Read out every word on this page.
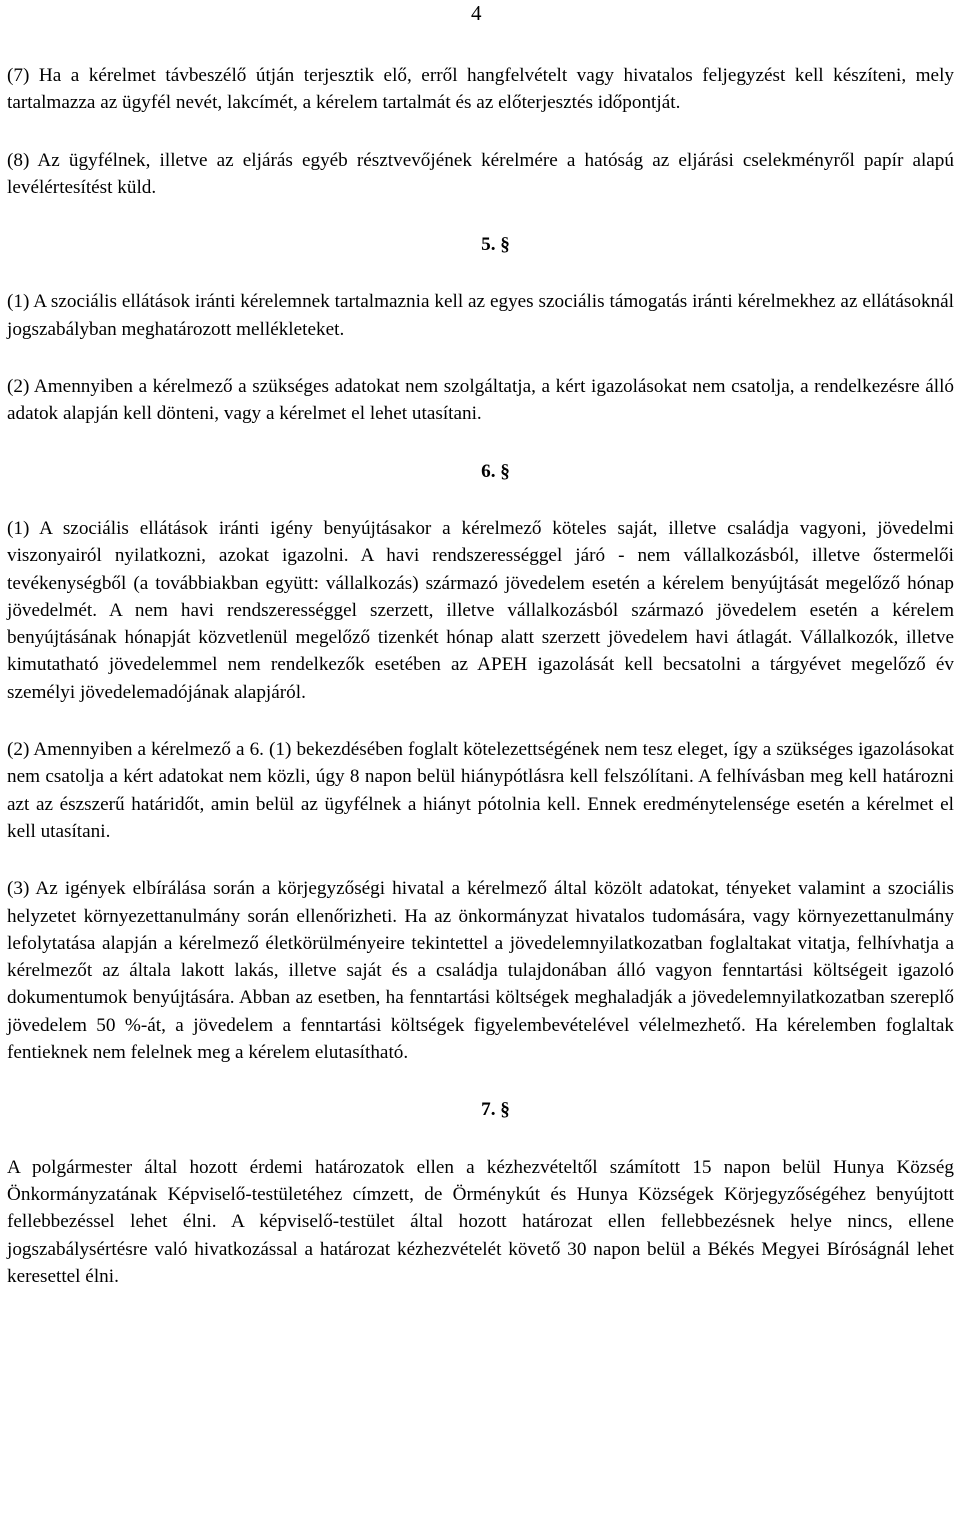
4

(7) Ha a kérelmet távbeszélő útján terjesztik elő, erről hangfelvételt vagy hivatalos feljegyzést kell készíteni, mely tartalmazza az ügyfél nevét, lakcímét, a kérelem tartalmát és az előterjesztés időpontját.

(8) Az ügyfélnek, illetve az eljárás egyéb résztvevőjének kérelmére a hatóság az eljárási cselekményről papír alapú levélértesítést küld.

5. §

(1) A szociális ellátások iránti kérelemnek tartalmaznia kell az egyes szociális támogatás iránti kérelmekhez az ellátásoknál jogszabályban meghatározott mellékleteket.

(2) Amennyiben a kérelmező a szükséges adatokat nem szolgáltatja, a kért igazolásokat nem csatolja, a rendelkezésre álló adatok alapján kell dönteni, vagy a kérelmet el lehet utasítani.

6. §

(1) A szociális ellátások iránti igény benyújtásakor a kérelmező köteles saját, illetve családja vagyoni, jövedelmi viszonyairól nyilatkozni, azokat igazolni. A havi rendszerességgel járó - nem vállalkozásból, illetve őstermelői tevékenységből (a továbbiakban együtt: vállalkozás) származó jövedelem esetén a kérelem benyújtását megelőző hónap jövedelmét. A nem havi rendszerességgel szerzett, illetve vállalkozásból származó jövedelem esetén a kérelem benyújtásának hónapját közvetlenül megelőző tizenkét hónap alatt szerzett jövedelem havi átlagát. Vállalkozók, illetve kimutatható jövedelemmel nem rendelkezők esetében az APEH igazolását kell becsatolni a tárgyévet megelőző év személyi jövedelemadójának alapjáról.

(2) Amennyiben a kérelmező a 6. (1) bekezdésében foglalt kötelezettségének nem tesz eleget, így a szükséges igazolásokat nem csatolja a kért adatokat nem közli, úgy 8 napon belül hiánypótlásra kell felszólítani. A felhívásban meg kell határozni azt az észszerű határidőt, amin belül az ügyfélnek a hiányt pótolnia kell. Ennek eredménytelensége esetén a kérelmet el kell utasítani.

(3) Az igények elbírálása során a körjegyzőségi hivatal a kérelmező által közölt adatokat, tényeket valamint a szociális helyzetet környezettanulmány során ellenőrizheti. Ha az önkormányzat hivatalos tudomására, vagy környezettanulmány lefolytatása alapján a kérelmező életkörülményeire tekintettel a jövedelemnyilatkozatban foglaltakat vitatja, felhívhatja a kérelmezőt az általa lakott lakás, illetve saját és a családja tulajdonában álló vagyon fenntartási költségeit igazoló dokumentumok benyújtására. Abban az esetben, ha fenntartási költségek meghaladják a jövedelemnyilatkozatban szereplő jövedelem 50 %-át, a jövedelem a fenntartási költségek figyelembevételével vélelmezhető. Ha kérelemben foglaltak fentieknek nem felelnek meg a kérelem elutasítható.

7. §

A polgármester által hozott érdemi határozatok ellen a kézhezvételtől számított 15 napon belül Hunya Község Önkormányzatának Képviselő-testületéhez címzett, de Örménykút és Hunya Községek Körjegyzőségéhez benyújtott fellebbezéssel lehet élni. A képviselő-testület által hozott határozat ellen fellebbezésnek helye nincs, ellene jogszabálysértésre való hivatkozással a határozat kézhezvételét követő 30 napon belül a Békés Megyei Bíróságnál lehet keresettel élni.
